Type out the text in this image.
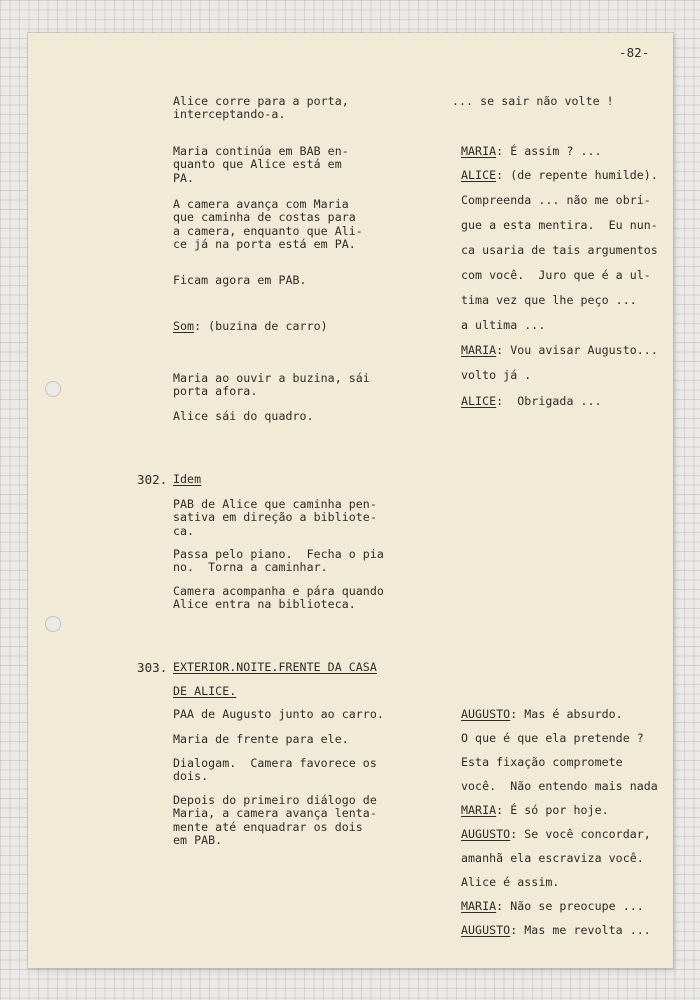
-82-
Alice corre para a porta,
interceptando-a.
Maria continúa em BAB en-
quanto que Alice está em
PA.
A camera avança com Maria
que caminha de costas para
a camera, enquanto que Ali-
ce já na porta está em PA.
Ficam agora em PAB.
Som: (buzina de carro)
Maria ao ouvir a buzina, sái
porta afora.
Alice sái do quadro.
302. Idem
PAB de Alice que caminha pen-
sativa em direção a bibliote-
ca.
Passa pelo piano.  Fecha o pia
no.  Torna a caminhar.
Camera acompanha e pára quando
Alice entra na biblioteca.
303. EXTERIOR.NOITE.FRENTE DA CASA
DE ALICE.
PAA de Augusto junto ao carro.
Maria de frente para ele.
Dialogam.  Camera favorece os
dois.
Depois do primeiro diálogo de
Maria, a camera avança lenta-
mente até enquadrar os dois
em PAB.
... se sair não volte !
MARIA: É assim ? ...
ALICE: (de repente humilde).
Compreenda ... não me obri-
gue a esta mentira.  Eu nun-
ca usaria de tais argumentos
com você.  Juro que é a ul-
tima vez que lhe peço ...
a ultima ...
MARIA: Vou avisar Augusto...
volto já .
ALICE:  Obrigada ...
AUGUSTO: Mas é absurdo.
O que é que ela pretende ?
Esta fixação compromete
você.  Não entendo mais nada
MARIA: É só por hoje.
AUGUSTO: Se você concordar,
amanhã ela escraviza você.
Alice é assim.
MARIA: Não se preocupe ...
AUGUSTO: Mas me revolta ...
